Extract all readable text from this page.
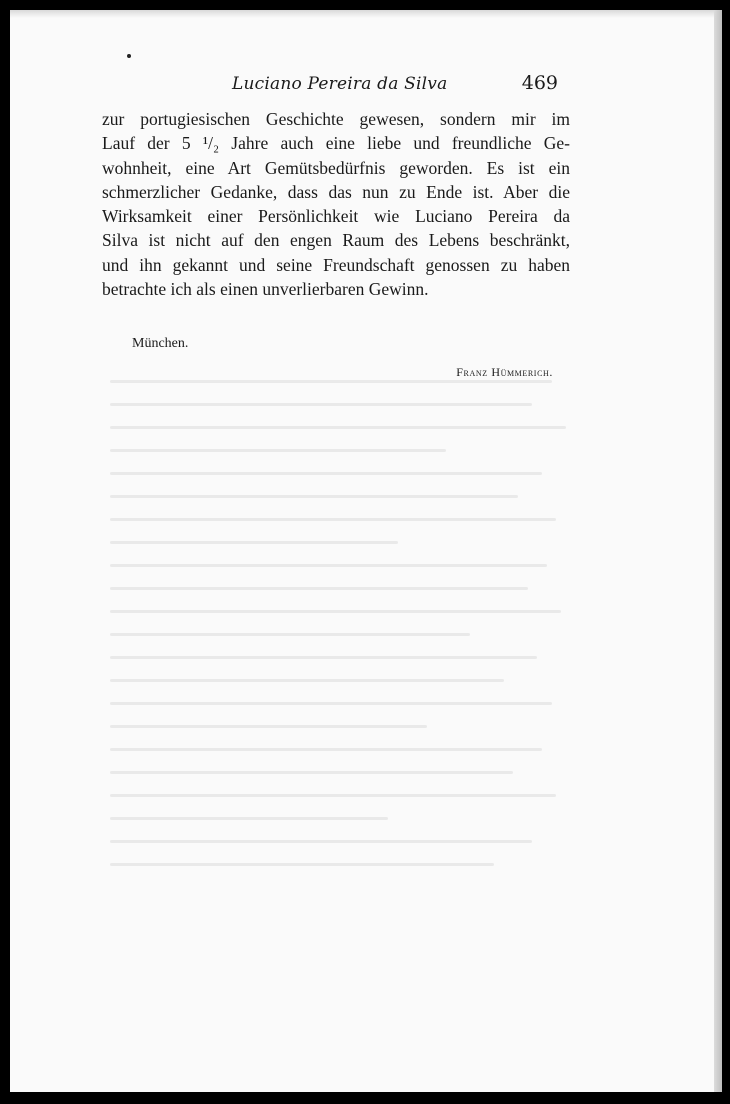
Luciano Pereira da Silva	469

zur portugiesischen Geschichte gewesen, sondern mir im
Lauf der 5 ¹/₂ Jahre auch eine liebe und freundliche Ge-
wohnheit, eine Art Gemütsbedürfnis geworden. Es ist ein
schmerzlicher Gedanke, dass das nun zu Ende ist. Aber die
Wirksamkeit einer Persönlichkeit wie Luciano Pereira da
Silva ist nicht auf den engen Raum des Lebens beschränkt,
und ihn gekannt und seine Freundschaft genossen zu haben
betrachte ich als einen unverlierbaren Gewinn.

München.
Franz Hümmerich.
